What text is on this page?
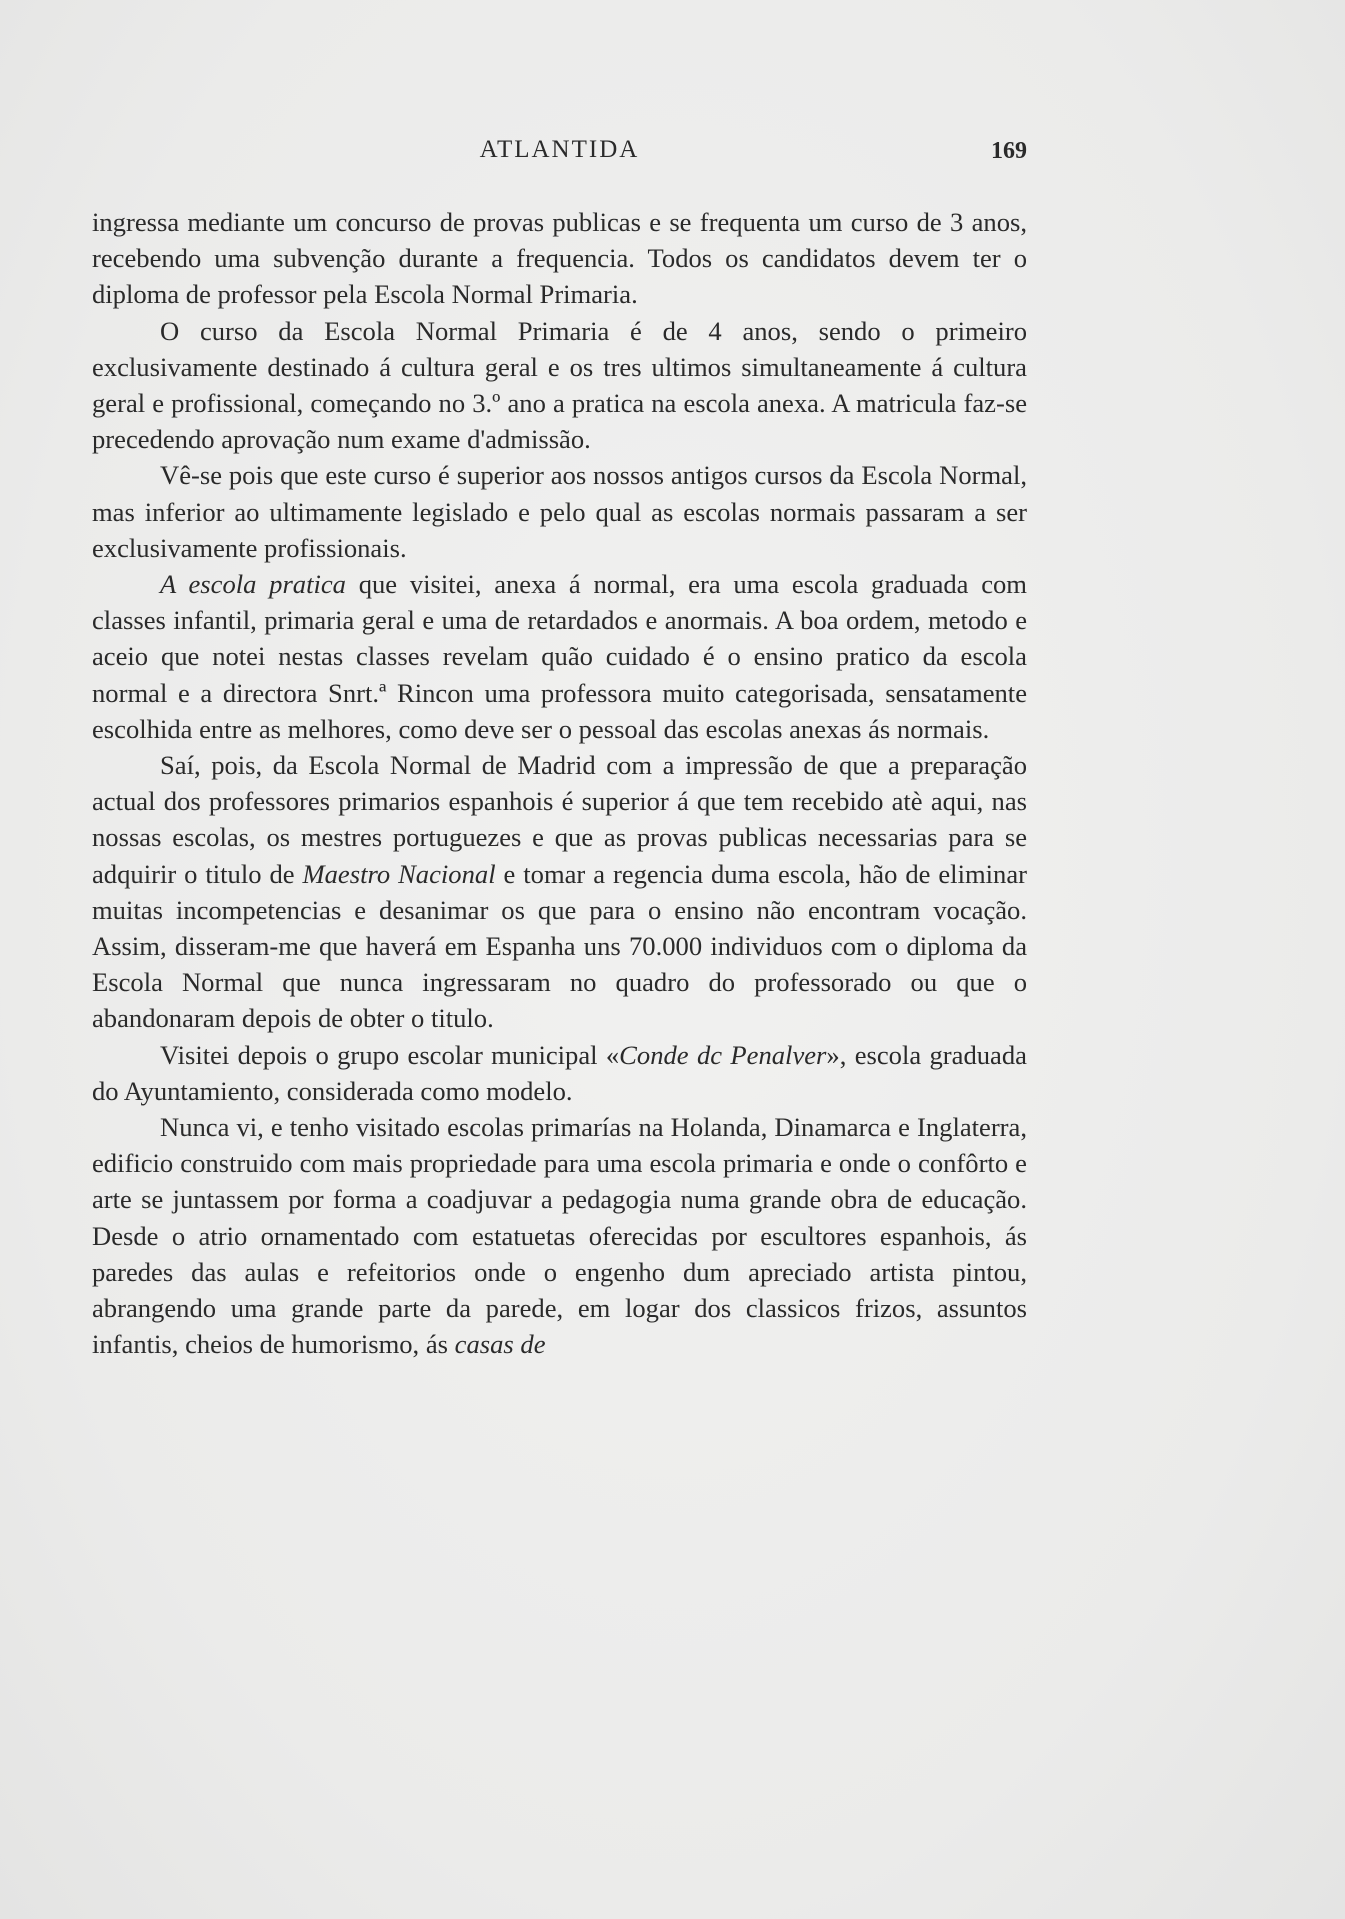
ATLANTIDA	169

ingressa mediante um concurso de provas publicas e se frequenta um curso de 3 anos, recebendo uma subvenção durante a frequencia. Todos os candidatos devem ter o diploma de professor pela Escola Normal Primaria.

O curso da Escola Normal Primaria é de 4 anos, sendo o primeiro exclusivamente destinado á cultura geral e os tres ultimos simultaneamente á cultura geral e profissional, começando no 3.º ano a pratica na escola anexa. A matricula faz-se precedendo aprovação num exame d'admissão.

Vê-se pois que este curso é superior aos nossos antigos cursos da Escola Normal, mas inferior ao ultimamente legislado e pelo qual as escolas normais passaram a ser exclusivamente profissionais.

A escola pratica que visitei, anexa á normal, era uma escola graduada com classes infantil, primaria geral e uma de retardados e anormais. A boa ordem, metodo e aceio que notei nestas classes revelam quão cuidado é o ensino pratico da escola normal e a directora Snrt.ª Rincon uma professora muito categorisada, sensatamente escolhida entre as melhores, como deve ser o pessoal das escolas anexas ás normais.

Saí, pois, da Escola Normal de Madrid com a impressão de que a preparação actual dos professores primarios espanhois é superior á que tem recebido atè aqui, nas nossas escolas, os mestres portuguezes e que as provas publicas necessarias para se adquirir o titulo de Maestro Nacional e tomar a regencia duma escola, hão de eliminar muitas incompetencias e desanimar os que para o ensino não encontram vocação. Assim, disseram-me que haverá em Espanha uns 70.000 individuos com o diploma da Escola Normal que nunca ingressaram no quadro do professorado ou que o abandonaram depois de obter o titulo.

Visitei depois o grupo escolar municipal «Conde dc Penalver», escola graduada do Ayuntamiento, considerada como modelo.

Nunca vi, e tenho visitado escolas primarías na Holanda, Dinamarca e Inglaterra, edificio construido com mais propriedade para uma escola primaria e onde o confôrto e arte se juntassem por forma a coadjuvar a pedagogia numa grande obra de educação. Desde o atrio ornamentado com estatuetas oferecidas por escultores espanhois, ás paredes das aulas e refeitorios onde o engenho dum apreciado artista pintou, abrangendo uma grande parte da parede, em logar dos classicos frizos, assuntos infantis, cheios de humorismo, ás casas de
